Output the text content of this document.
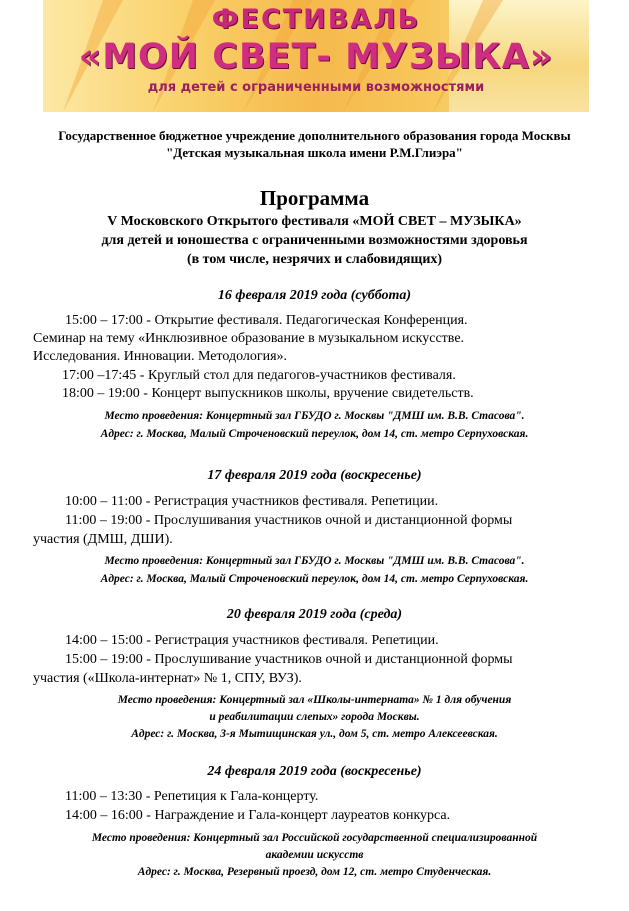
ФЕСТИВАЛЬ
«МОЙ СВЕТ- МУЗЫКА»
для детей с ограниченными возможностями
Государственное бюджетное учреждение дополнительного образования города Москвы
"Детская музыкальная школа имени Р.М.Глиэра"
Программа
V Московского Открытого фестиваля «МОЙ СВЕТ – МУЗЫКА»
для детей и юношества с ограниченными возможностями здоровья
(в том числе, незрячих и слабовидящих)
16 февраля 2019 года (суббота)
15:00 – 17:00 - Открытие фестиваля. Педагогическая Конференция.
Семинар на тему «Инклюзивное образование в музыкальном искусстве.
Исследования. Инновации. Методология».
17:00 –17:45 - Круглый стол для педагогов-участников фестиваля.
18:00 – 19:00 - Концерт выпускников школы, вручение свидетельств.
Место проведения: Концертный зал ГБУДО г. Москвы "ДМШ им. В.В. Стасова".
Адрес: г. Москва, Малый Строченовский переулок, дом 14, ст. метро Серпуховская.
17 февраля 2019 года (воскресенье)
10:00 – 11:00 - Регистрация участников фестиваля. Репетиции.
11:00 – 19:00 - Прослушивания участников очной и дистанционной формы
участия (ДМШ, ДШИ).
Место проведения: Концертный зал ГБУДО г. Москвы "ДМШ им. В.В. Стасова".
Адрес: г. Москва, Малый Строченовский переулок, дом 14, ст. метро Серпуховская.
20 февраля 2019 года (среда)
14:00 – 15:00 - Регистрация участников фестиваля. Репетиции.
15:00 – 19:00 - Прослушивание участников очной и дистанционной формы
участия («Школа-интернат» № 1, СПУ, ВУЗ).
Место проведения: Концертный зал «Школы-интерната» № 1 для обучения
и реабилитации слепых» города Москвы.
Адрес: г. Москва, 3-я Мытищинская ул., дом 5, ст. метро Алексеевская.
24 февраля 2019 года (воскресенье)
11:00 – 13:30 - Репетиция к Гала-концерту.
14:00 – 16:00 - Награждение и Гала-концерт лауреатов конкурса.
Место проведения: Концертный зал Российской государственной специализированной
академии искусств
Адрес: г. Москва, Резервный проезд, дом 12, ст. метро Студенческая.
